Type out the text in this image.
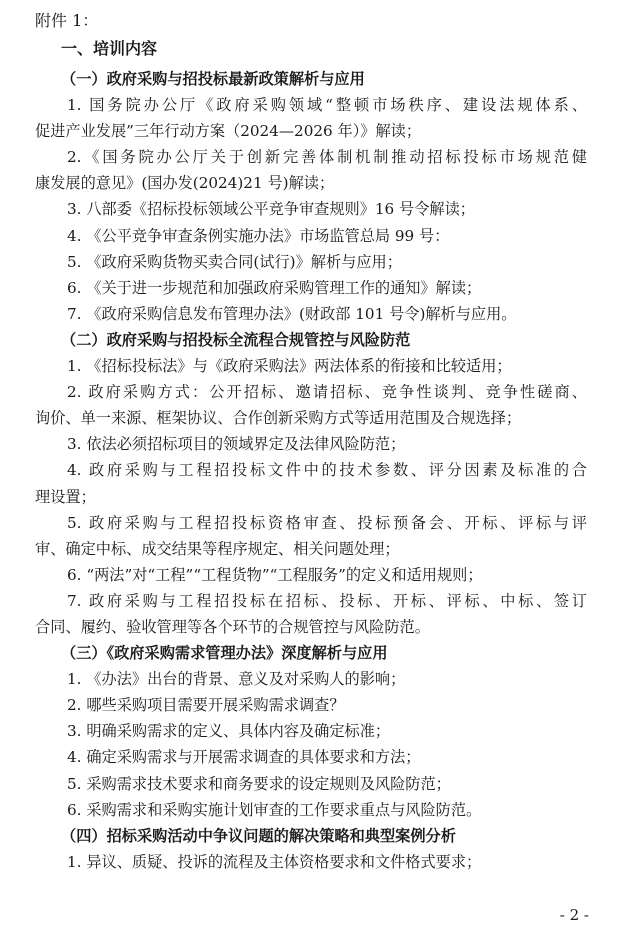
附件 1：
一、培训内容
（一）政府采购与招投标最新政策解析与应用
1. 国务院办公厅《政府采购领域“整顿市场秩序、建设法规体系、
促进产业发展”三年行动方案（2024—2026 年）》解读；
2.《国务院办公厅关于创新完善体制机制推动招标投标市场规范健
康发展的意见》(国办发(2024)21 号)解读；
3. 八部委《招标投标领域公平竞争审查规则》16 号令解读；
4. 《公平竞争审查条例实施办法》市场监管总局 99 号：
5. 《政府采购货物买卖合同(试行)》解析与应用；
6. 《关于进一步规范和加强政府采购管理工作的通知》解读；
7. 《政府采购信息发布管理办法》(财政部 101 号令)解析与应用。
（二）政府采购与招投标全流程合规管控与风险防范
1. 《招标投标法》与《政府采购法》两法体系的衔接和比较适用；
2. 政府采购方式：公开招标、邀请招标、竞争性谈判、竞争性磋商、
询价、单一来源、框架协议、合作创新采购方式等适用范围及合规选择；
3. 依法必须招标项目的领域界定及法律风险防范；
4. 政府采购与工程招投标文件中的技术参数、评分因素及标准的合
理设置；
5. 政府采购与工程招投标资格审查、投标预备会、开标、评标与评
审、确定中标、成交结果等程序规定、相关问题处理；
6. “两法”对“工程”“工程货物”“工程服务”的定义和适用规则；
7. 政府采购与工程招投标在招标、投标、开标、评标、中标、签订
合同、履约、验收管理等各个环节的合规管控与风险防范。
（三）《政府采购需求管理办法》深度解析与应用
1. 《办法》出台的背景、意义及对采购人的影响；
2. 哪些采购项目需要开展采购需求调查？
3. 明确采购需求的定义、具体内容及确定标准；
4. 确定采购需求与开展需求调查的具体要求和方法；
5. 采购需求技术要求和商务要求的设定规则及风险防范；
6. 采购需求和采购实施计划审查的工作要求重点与风险防范。
（四）招标采购活动中争议问题的解决策略和典型案例分析
1. 异议、质疑、投诉的流程及主体资格要求和文件格式要求；
- 2 -
